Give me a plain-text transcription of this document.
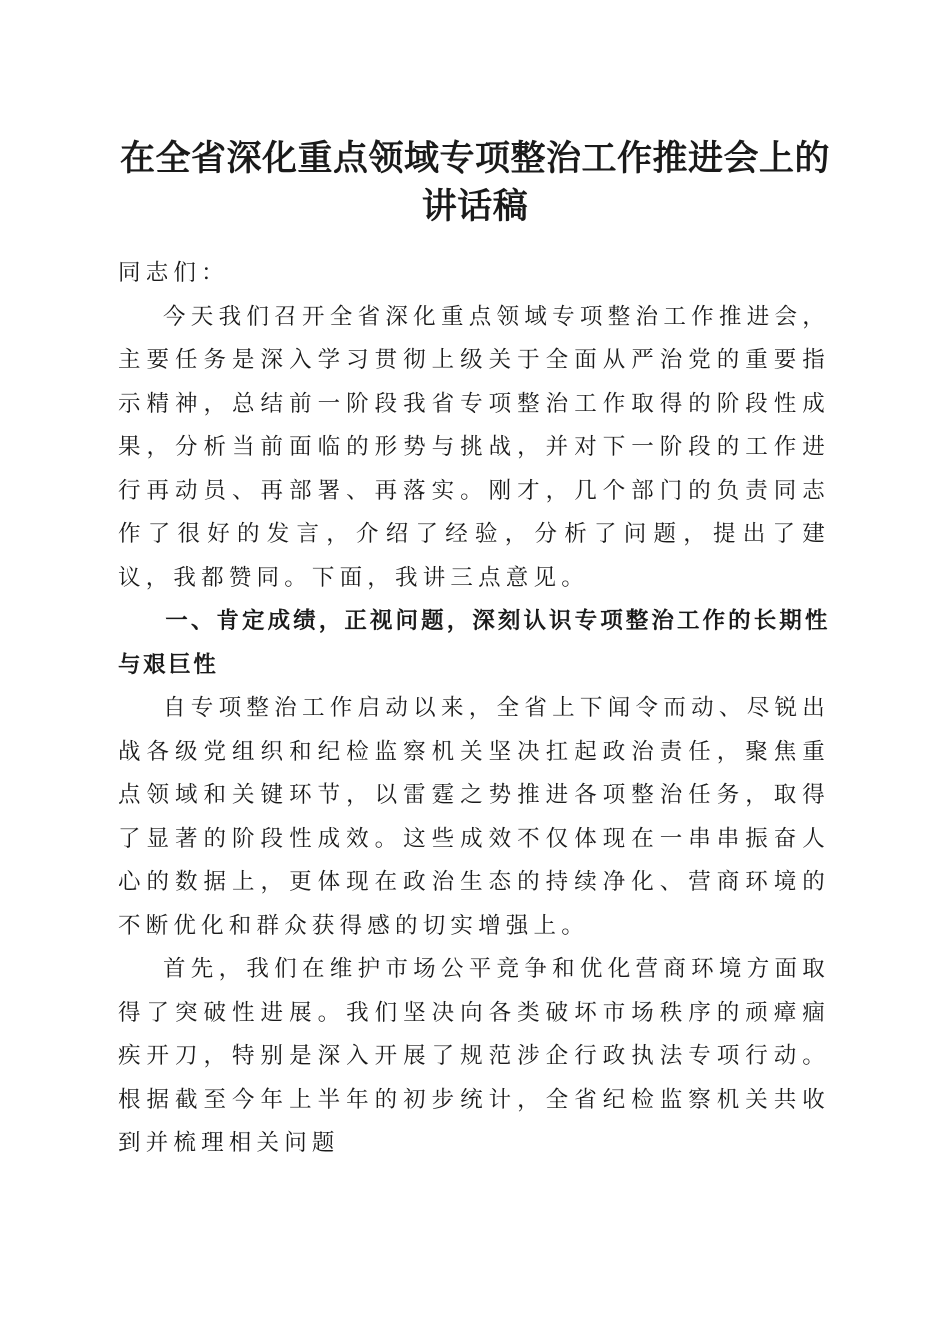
在全省深化重点领域专项整治工作推进会上的
讲话稿

同志们：

今天我们召开全省深化重点领域专项整治工作推进会，主要任务是深入学习贯彻上级关于全面从严治党的重要指示精神，总结前一阶段我省专项整治工作取得的阶段性成果，分析当前面临的形势与挑战，并对下一阶段的工作进行再动员、再部署、再落实。刚才，几个部门的负责同志作了很好的发言，介绍了经验，分析了问题，提出了建议，我都赞同。下面，我讲三点意见。

一、肯定成绩，正视问题，深刻认识专项整治工作的长期性与艰巨性

自专项整治工作启动以来，全省上下闻令而动、尽锐出战各级党组织和纪检监察机关坚决扛起政治责任，聚焦重点领域和关键环节，以雷霆之势推进各项整治任务，取得了显著的阶段性成效。这些成效不仅体现在一串串振奋人心的数据上，更体现在政治生态的持续净化、营商环境的不断优化和群众获得感的切实增强上。

首先，我们在维护市场公平竞争和优化营商环境方面取得了突破性进展。我们坚决向各类破坏市场秩序的顽瘴痼疾开刀，特别是深入开展了规范涉企行政执法专项行动。根据截至今年上半年的初步统计，全省纪检监察机关共收到并梳理相关问题
